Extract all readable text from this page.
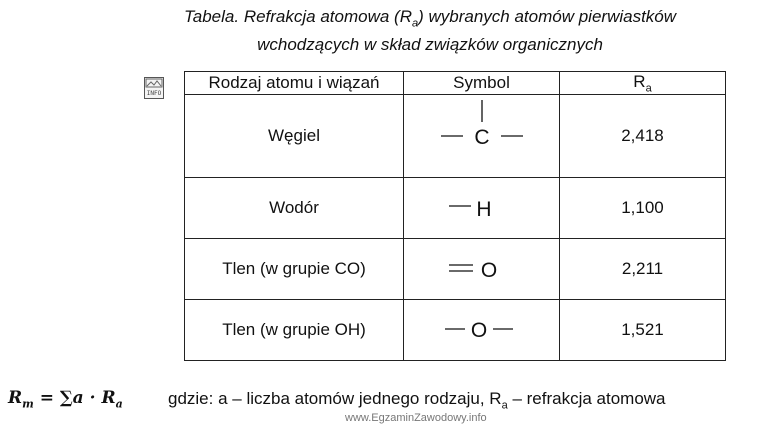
Tabela. Refrakcja atomowa $(R_a)$ wybranych atomów pierwiastków
wchodzących w skład związków organicznych
INFO
Rodzaj atomu i wiązań	Symbol	$R_a$
Węgiel	C	2,418
Wodór	H	1,100
Tlen (w grupie CO)	O	2,211
Tlen (w grupie OH)	O	1,521
$R_m = \sum a \cdot R_a$	gdzie: a – liczba atomów jednego rodzaju, $R_a$ – refrakcja atomowa
www.EgzaminZawodowy.info
